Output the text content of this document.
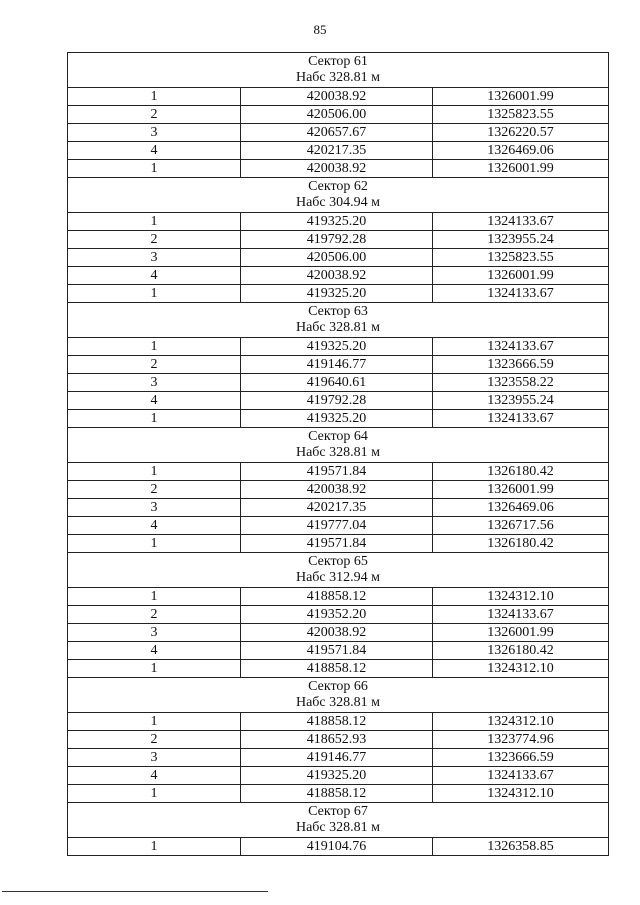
85
Сектор 61
Набс 328.81 м		

1	420038.92	1326001.99
2	420506.00	1325823.55
3	420657.67	1326220.57
4	420217.35	1326469.06
1	420038.92	1326001.99

Сектор 62
Набс 304.94 м		

1	419325.20	1324133.67
2	419792.28	1323955.24
3	420506.00	1325823.55
4	420038.92	1326001.99
1	419325.20	1324133.67

Сектор 63
Набс 328.81 м		

1	419325.20	1324133.67
2	419146.77	1323666.59
3	419640.61	1323558.22
4	419792.28	1323955.24
1	419325.20	1324133.67

Сектор 64
Набс 328.81 м		

1	419571.84	1326180.42
2	420038.92	1326001.99
3	420217.35	1326469.06
4	419777.04	1326717.56
1	419571.84	1326180.42

Сектор 65
Набс 312.94 м		

1	418858.12	1324312.10
2	419352.20	1324133.67
3	420038.92	1326001.99
4	419571.84	1326180.42
1	418858.12	1324312.10

Сектор 66
Набс 328.81 м		

1	418858.12	1324312.10
2	418652.93	1323774.96
3	419146.77	1323666.59
4	419325.20	1324133.67
1	418858.12	1324312.10

Сектор 67
Набс 328.81 м		

1	419104.76	1326358.85
